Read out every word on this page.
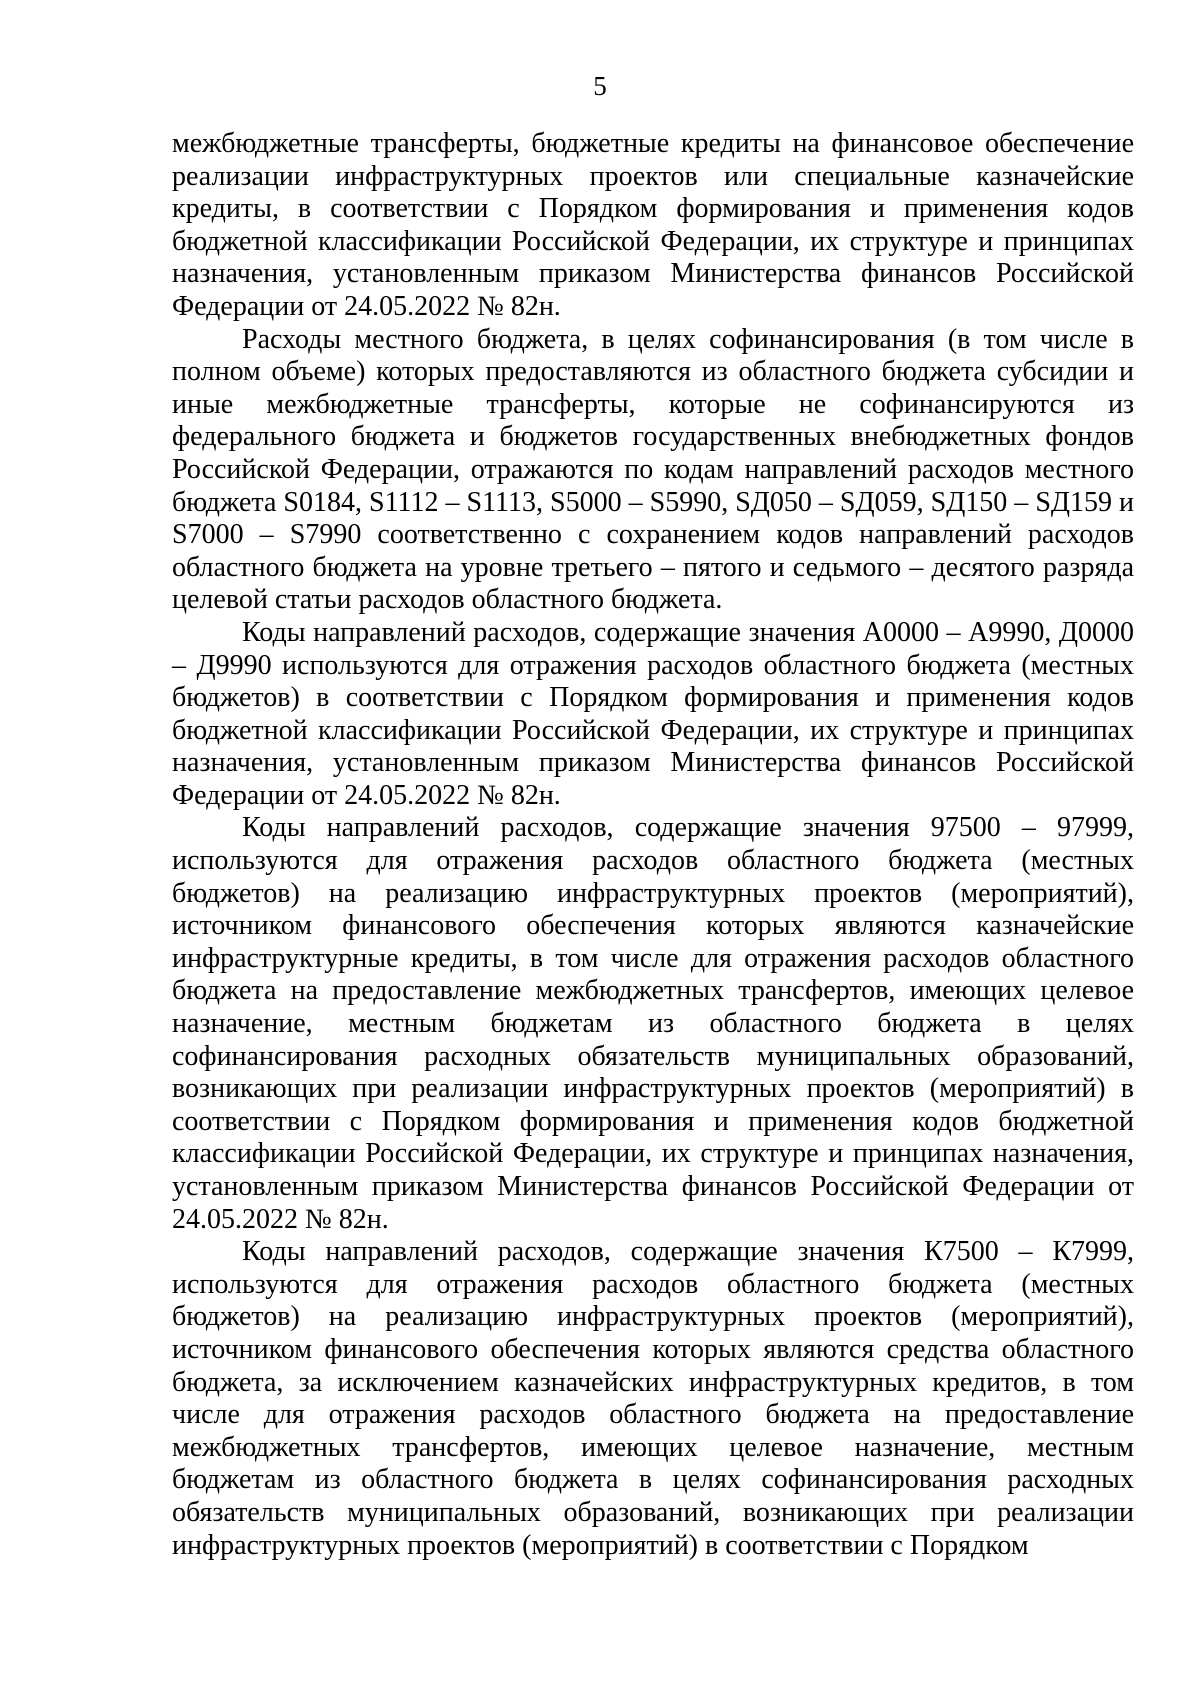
5

межбюджетные трансферты, бюджетные кредиты на финансовое обеспечение реализации инфраструктурных проектов или специальные казначейские кредиты, в соответствии с Порядком формирования и применения кодов бюджетной классификации Российской Федерации, их структуре и принципах назначения, установленным приказом Министерства финансов Российской Федерации от 24.05.2022 № 82н.

Расходы местного бюджета, в целях софинансирования (в том числе в полном объеме) которых предоставляются из областного бюджета субсидии и иные межбюджетные трансферты, которые не софинансируются из федерального бюджета и бюджетов государственных внебюджетных фондов Российской Федерации, отражаются по кодам направлений расходов местного бюджета S0184, S1112 – S1113, S5000 – S5990, SД050 – SД059, SД150 – SД159 и S7000 – S7990 соответственно с сохранением кодов направлений расходов областного бюджета на уровне третьего – пятого и седьмого – десятого разряда целевой статьи расходов областного бюджета.

Коды направлений расходов, содержащие значения А0000 – А9990, Д0000 – Д9990 используются для отражения расходов областного бюджета (местных бюджетов) в соответствии с Порядком формирования и применения кодов бюджетной классификации Российской Федерации, их структуре и принципах назначения, установленным приказом Министерства финансов Российской Федерации от 24.05.2022 № 82н.

Коды направлений расходов, содержащие значения 97500 – 97999, используются для отражения расходов областного бюджета (местных бюджетов) на реализацию инфраструктурных проектов (мероприятий), источником финансового обеспечения которых являются казначейские инфраструктурные кредиты, в том числе для отражения расходов областного бюджета на предоставление межбюджетных трансфертов, имеющих целевое назначение, местным бюджетам из областного бюджета в целях софинансирования расходных обязательств муниципальных образований, возникающих при реализации инфраструктурных проектов (мероприятий) в соответствии с Порядком формирования и применения кодов бюджетной классификации Российской Федерации, их структуре и принципах назначения, установленным приказом Министерства финансов Российской Федерации от 24.05.2022 № 82н.

Коды направлений расходов, содержащие значения К7500 – К7999, используются для отражения расходов областного бюджета (местных бюджетов) на реализацию инфраструктурных проектов (мероприятий), источником финансового обеспечения которых являются средства областного бюджета, за исключением казначейских инфраструктурных кредитов, в том числе для отражения расходов областного бюджета на предоставление межбюджетных трансфертов, имеющих целевое назначение, местным бюджетам из областного бюджета в целях софинансирования расходных обязательств муниципальных образований, возникающих при реализации инфраструктурных проектов (мероприятий) в соответствии с Порядком
